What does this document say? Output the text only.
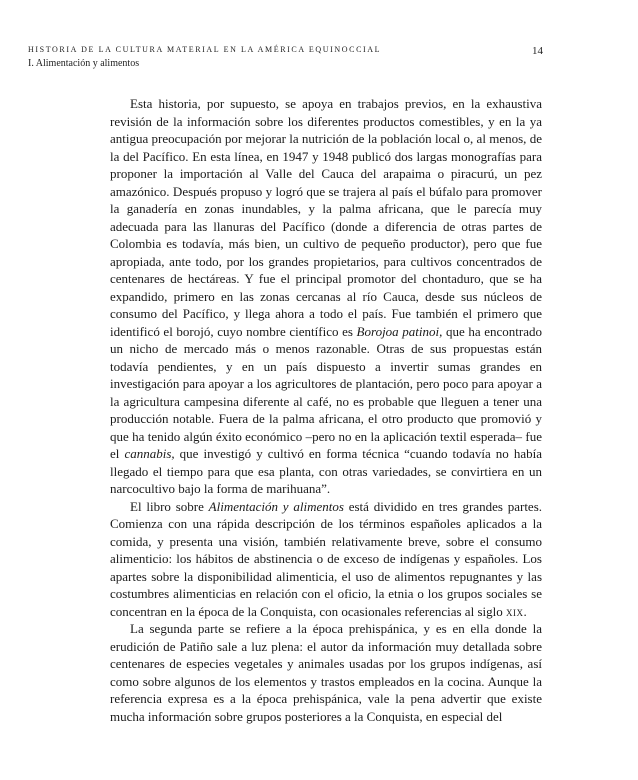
HISTORIA DE LA CULTURA MATERIAL EN LA AMÉRICA EQUINOCCIAL
I. Alimentación y alimentos
14

Esta historia, por supuesto, se apoya en trabajos previos, en la exhaustiva revisión de la información sobre los diferentes productos comestibles, y en la ya antigua preocupación por mejorar la nutrición de la población local o, al menos, de la del Pacífico. En esta línea, en 1947 y 1948 publicó dos largas monografías para proponer la importación al Valle del Cauca del arapaima o piracurú, un pez amazónico. Después propuso y logró que se trajera al país el búfalo para promover la ganadería en zonas inundables, y la palma africana, que le parecía muy adecuada para las llanuras del Pacífico (donde a diferencia de otras partes de Colombia es todavía, más bien, un cultivo de pequeño productor), pero que fue apropiada, ante todo, por los grandes propietarios, para cultivos concentrados de centenares de hectáreas. Y fue el principal promotor del chontaduro, que se ha expandido, primero en las zonas cercanas al río Cauca, desde sus núcleos de consumo del Pacífico, y llega ahora a todo el país. Fue también el primero que identificó el borojó, cuyo nombre científico es Borojoa patinoi, que ha encontrado un nicho de mercado más o menos razonable. Otras de sus propuestas están todavía pendientes, y en un país dispuesto a invertir sumas grandes en investigación para apoyar a los agricultores de plantación, pero poco para apoyar a la agricultura campesina diferente al café, no es probable que lleguen a tener una producción notable. Fuera de la palma africana, el otro producto que promovió y que ha tenido algún éxito económico –pero no en la aplicación textil esperada– fue el cannabis, que investigó y cultivó en forma técnica “cuando todavía no había llegado el tiempo para que esa planta, con otras variedades, se convirtiera en un narcocultivo bajo la forma de marihuana”.

El libro sobre Alimentación y alimentos está dividido en tres grandes partes. Comienza con una rápida descripción de los términos españoles aplicados a la comida, y presenta una visión, también relativamente breve, sobre el consumo alimenticio: los hábitos de abstinencia o de exceso de indígenas y españoles. Los apartes sobre la disponibilidad alimenticia, el uso de alimentos repugnantes y las costumbres alimenticias en relación con el oficio, la etnia o los grupos sociales se concentran en la época de la Conquista, con ocasionales referencias al siglo xix.

La segunda parte se refiere a la época prehispánica, y es en ella donde la erudición de Patiño sale a luz plena: el autor da información muy detallada sobre centenares de especies vegetales y animales usadas por los grupos indígenas, así como sobre algunos de los elementos y trastos empleados en la cocina. Aunque la referencia expresa es a la época prehispánica, vale la pena advertir que existe mucha información sobre grupos posteriores a la Conquista, en especial del
